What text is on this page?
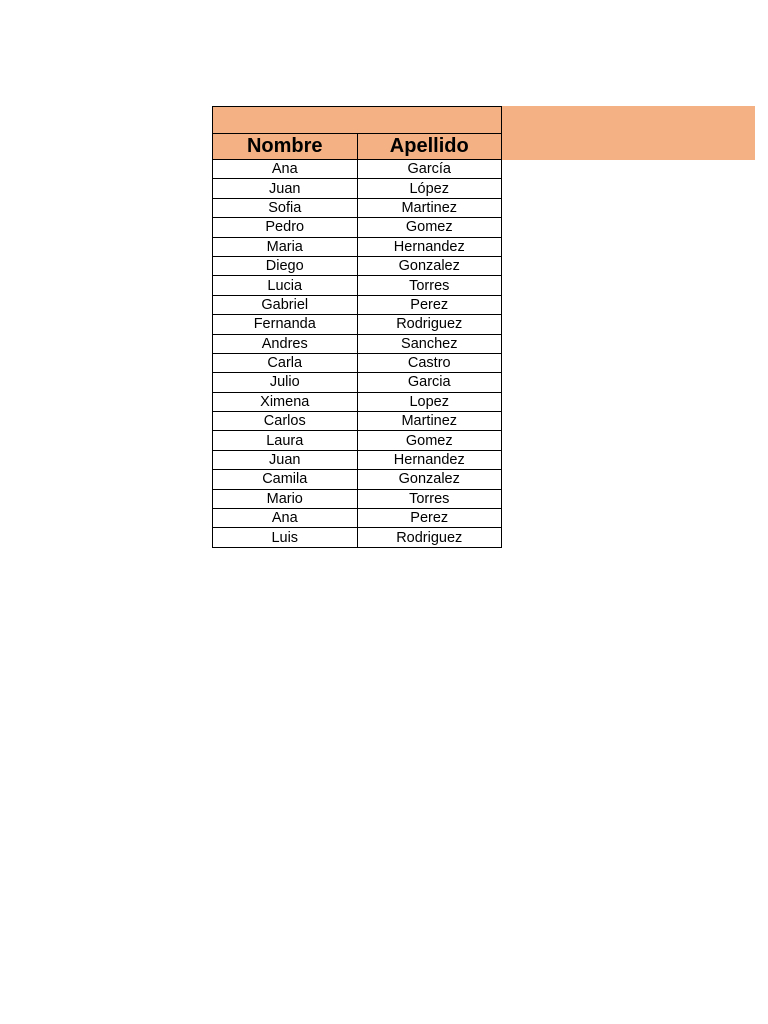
Nombre	Apellido
Ana	García
Juan	López
Sofia	Martinez
Pedro	Gomez
Maria	Hernandez
Diego	Gonzalez
Lucia	Torres
Gabriel	Perez
Fernanda	Rodriguez
Andres	Sanchez
Carla	Castro
Julio	Garcia
Ximena	Lopez
Carlos	Martinez
Laura	Gomez
Juan	Hernandez
Camila	Gonzalez
Mario	Torres
Ana	Perez
Luis	Rodriguez
